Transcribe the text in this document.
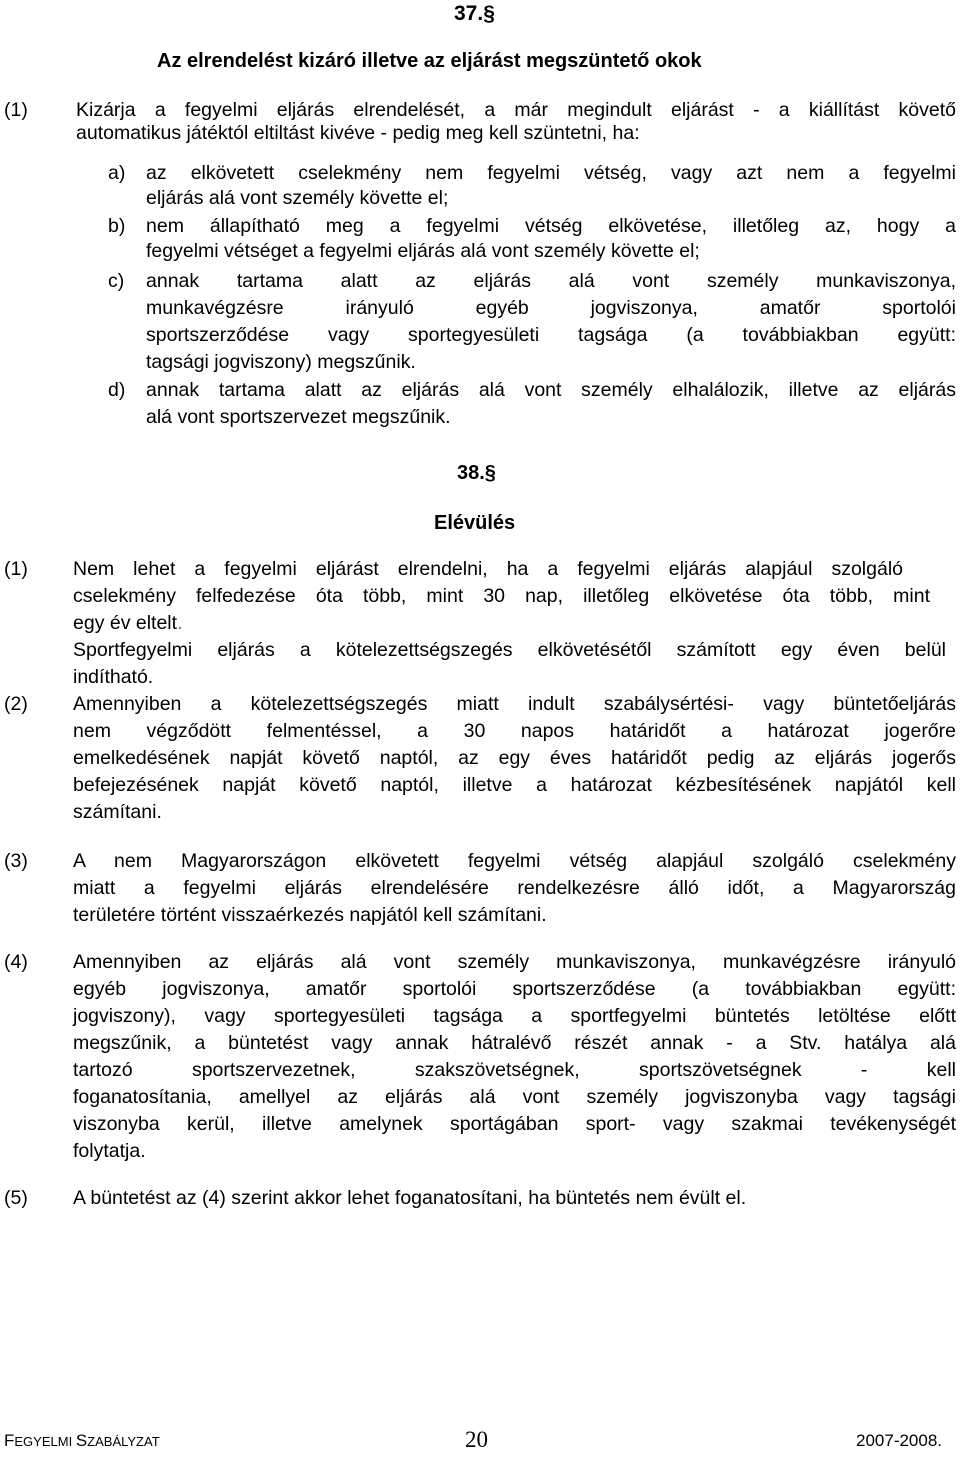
37.§
Az elrendelést kizáró illetve az eljárást megszüntető okok
(1) Kizárja a fegyelmi eljárás elrendelését, a már megindult eljárást - a kiállítást követő
automatikus játéktól eltiltást kivéve - pedig meg kell szüntetni, ha:
a) az elkövetett cselekmény nem fegyelmi vétség, vagy azt nem a fegyelmi
eljárás alá vont személy követte el;
b) nem állapítható meg a fegyelmi vétség elkövetése, illetőleg az, hogy a
fegyelmi vétséget a fegyelmi eljárás alá vont személy követte el;
c) annak tartama alatt az eljárás alá vont személy munkaviszonya,
munkavégzésre irányuló egyéb jogviszonya, amatőr sportolói
sportszerződése vagy sportegyesületi tagsága (a továbbiakban együtt:
tagsági jogviszony) megszűnik.
d) annak tartama alatt az eljárás alá vont személy elhalálozik, illetve az eljárás
alá vont sportszervezet megszűnik.
38.§
Elévülés
(1) Nem lehet a fegyelmi eljárást elrendelni, ha a fegyelmi eljárás alapjául szolgáló
cselekmény felfedezése óta több, mint 30 nap, illetőleg elkövetése óta több, mint
egy év eltelt.
Sportfegyelmi eljárás a kötelezettségszegés elkövetésétől számított egy éven belül
indítható.
(2) Amennyiben a kötelezettségszegés miatt indult szabálysértési- vagy büntetőeljárás
nem végződött felmentéssel, a 30 napos határidőt a határozat jogerőre
emelkedésének napját követő naptól, az egy éves határidőt pedig az eljárás jogerős
befejezésének napját követő naptól, illetve a határozat kézbesítésének napjától kell
számítani.
(3) A nem Magyarországon elkövetett fegyelmi vétség alapjául szolgáló cselekmény
miatt a fegyelmi eljárás elrendelésére rendelkezésre álló időt, a Magyarország
területére történt visszaérkezés napjától kell számítani.
(4) Amennyiben az eljárás alá vont személy munkaviszonya, munkavégzésre irányuló
egyéb jogviszonya, amatőr sportolói sportszerződése (a továbbiakban együtt:
jogviszony), vagy sportegyesületi tagsága a sportfegyelmi büntetés letöltése előtt
megszűnik, a büntetést vagy annak hátralévő részét annak - a Stv. hatálya alá
tartozó sportszervezetnek, szakszövetségnek, sportszövetségnek - kell
foganatosítania, amellyel az eljárás alá vont személy jogviszonyba vagy tagsági
viszonyba kerül, illetve amelynek sportágában sport- vagy szakmai tevékenységét
folytatja.
(5) A büntetést az (4) szerint akkor lehet foganatosítani, ha büntetés nem évült el.
FEGYELMI SZABÁLYZAT	20	2007-2008.
